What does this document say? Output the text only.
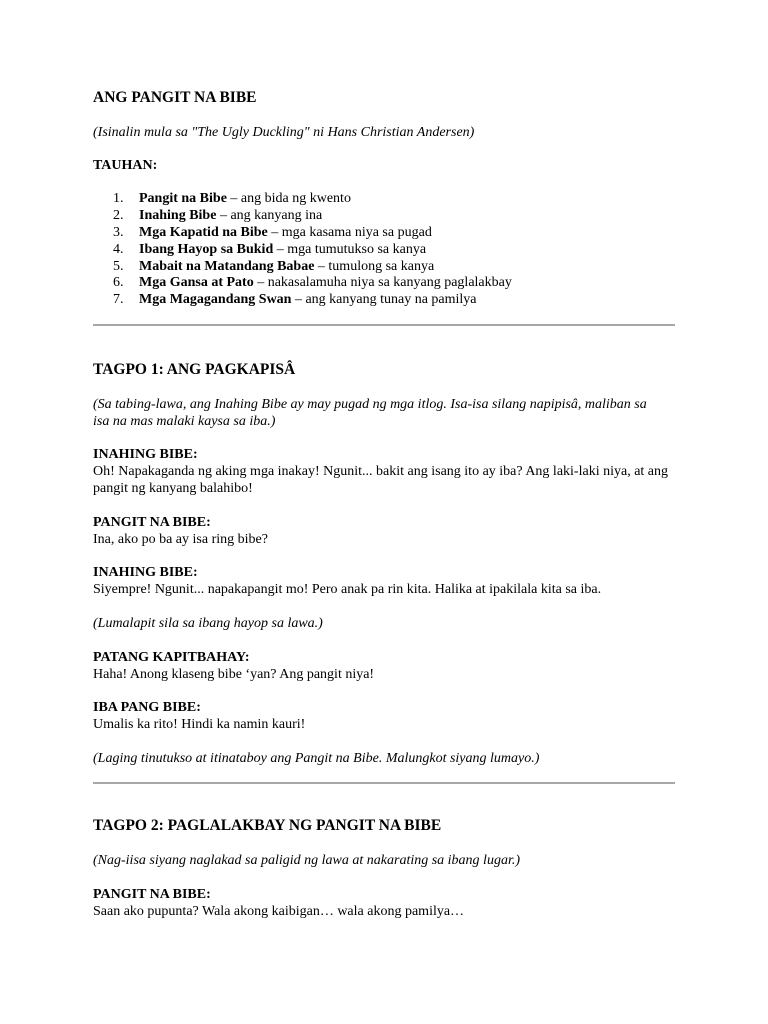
ANG PANGIT NA BIBE
(Isinalin mula sa "The Ugly Duckling" ni Hans Christian Andersen)
TAUHAN:
1. Pangit na Bibe – ang bida ng kwento
2. Inahing Bibe – ang kanyang ina
3. Mga Kapatid na Bibe – mga kasama niya sa pugad
4. Ibang Hayop sa Bukid – mga tumutukso sa kanya
5. Mabait na Matandang Babae – tumulong sa kanya
6. Mga Gansa at Pato – nakasalamuha niya sa kanyang paglalakbay
7. Mga Magagandang Swan – ang kanyang tunay na pamilya
TAGPO 1: ANG PAGKAPISÂ
(Sa tabing-lawa, ang Inahing Bibe ay may pugad ng mga itlog. Isa-isa silang napipisâ, maliban sa isa na mas malaki kaysa sa iba.)
INAHING BIBE:
Oh! Napakaganda ng aking mga inakay! Ngunit... bakit ang isang ito ay iba? Ang laki-laki niya, at ang pangit ng kanyang balahibo!
PANGIT NA BIBE:
Ina, ako po ba ay isa ring bibe?
INAHING BIBE:
Siyempre! Ngunit... napakapangit mo! Pero anak pa rin kita. Halika at ipakilala kita sa iba.
(Lumalapit sila sa ibang hayop sa lawa.)
PATANG KAPITBAHAY:
Haha! Anong klaseng bibe ‘yan? Ang pangit niya!
IBA PANG BIBE:
Umalis ka rito! Hindi ka namin kauri!
(Laging tinutukso at itinataboy ang Pangit na Bibe. Malungkot siyang lumayo.)
TAGPO 2: PAGLALAKBAY NG PANGIT NA BIBE
(Nag-iisa siyang naglakad sa paligid ng lawa at nakarating sa ibang lugar.)
PANGIT NA BIBE:
Saan ako pupunta? Wala akong kaibigan… wala akong pamilya…
